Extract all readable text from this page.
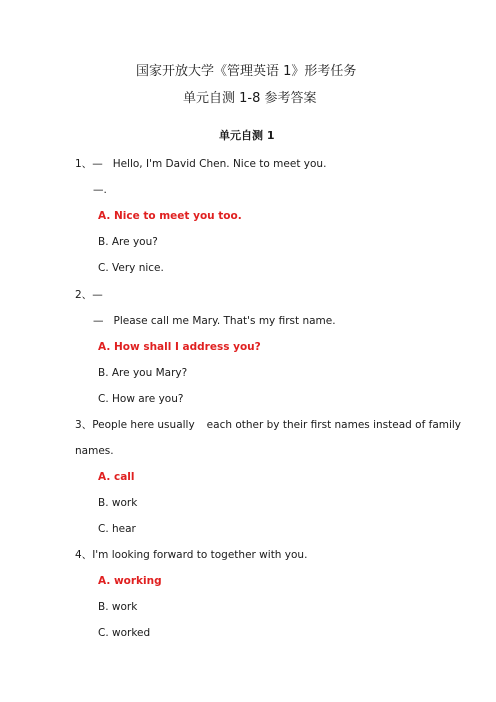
国家开放大学《管理英语 1》形考任务
单元自测 1-8 参考答案
单元自测 1
1、— Hello, I'm David Chen. Nice to meet you.
—.
A. Nice to meet you too.
B. Are you?
C. Very nice.
2、—
— Please call me Mary. That's my first name.
A. How shall I address you?
B. Are you Mary?
C. How are you?
3、People here usually each other by their first names instead of family
names.
A. call
B. work
C. hear
4、I'm looking forward to together with you.
A. working
B. work
C. worked
